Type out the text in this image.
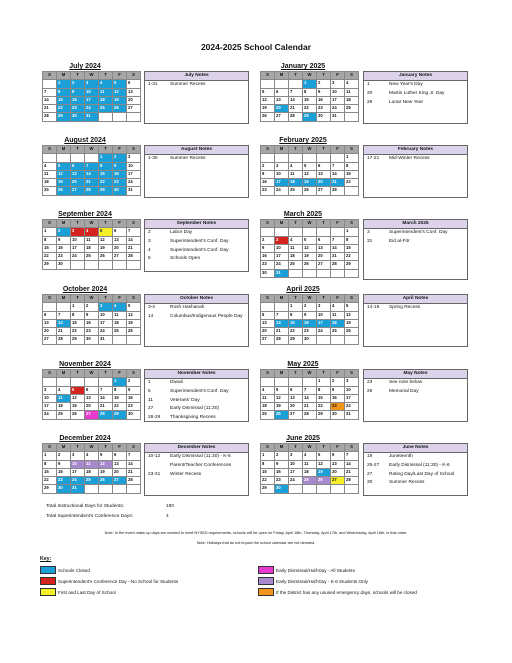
2024-2025 School Calendar
July 2024
S	M	T	W	T	F	S
	1	2	3	4	5	6
7	8	9	10	11	12	13
14	15	16	17	18	19	20
21	22	23	24	25	26	27
28	29	30	31			
July Notes
1-31	Summer Recess
January 2025
S	M	T	W	T	F	S
			1	2	3	4
5	6	7	8	9	10	11
12	13	14	15	16	17	18
19	20	21	22	23	24	25
26	27	28	29	30	31	
January Notes
1	New Year's Day
20	Martin Luther King Jr. Day
29	Lunar New Year
August 2024
S	M	T	W	T	F	S
				1	2	3
4	5	6	7	8	9	10
11	12	13	14	15	16	17
18	19	20	21	22	23	24
25	26	27	28	29	30	31
August Notes
1-30	Summer Recess
February 2025
S	M	T	W	T	F	S
						1
2	3	4	5	6	7	8
9	10	11	12	13	14	15
16	17	18	19	20	21	22
23	24	25	26	27	28	
February Notes
17-21	Mid-Winter Recess
September 2024
S	M	T	W	T	F	S
1	2	3	4	5	6	7
8	9	10	11	12	13	14
15	16	17	18	19	20	21
22	23	24	25	26	27	28
29	30					
September Notes
2	Labor Day
3	Superintendent's Conf. Day
4	Superintendent's Conf. Day
5	Schools Open
March 2025
S	M	T	W	T	F	S
						1
2	3	4	5	6	7	8
9	10	11	12	13	14	15
16	17	18	19	20	21	22
23	24	25	26	27	28	29
30	31					
March 2025
3	Superintendent's Conf. Day
31	Eid al-Fitr
October 2024
S	M	T	W	T	F	S
		1	2	3	4	5
6	7	8	9	10	11	12
13	14	15	16	17	18	19
20	21	22	23	24	25	26
27	28	29	30	31		
October Notes
3-4	Rosh Hashanah
14	Columbus/Indigenous People Day
April 2025
S	M	T	W	T	F	S
		1	2	3	4	5
6	7	8	9	10	11	12
13	14	15	16	17	18	19
20	21	22	23	24	25	26
27	28	29	30			
April Notes
14-18	Spring Recess
November 2024
S	M	T	W	T	F	S
					1	2
3	4	5	6	7	8	9
10	11	12	13	14	15	16
17	18	19	20	21	22	23
24	25	26	27	28	29	30
November Notes
1	Diwali
5	Superintendent's Conf. Day
11	Veterans' Day
27	Early Dismissal (11:30)
28-29	Thanksgiving Recess
May 2025
S	M	T	W	T	F	S
				1	2	3
4	5	6	7	8	9	10
11	12	13	14	15	16	17
18	19	20	21	22	23	24
25	26	27	28	29	30	31
May Notes
23	See note below
26	Memorial Day
December 2024
S	M	T	W	T	F	S
1	2	3	4	5	6	7
8	9	10	11	12	13	14
15	16	17	18	19	20	21
22	23	24	25	26	27	28
29	30	31				
December Notes
10-12	Early Dismissal (11:30) - K-6
Parent/Teacher Conferences
23-31	Winter Recess
June 2025
S	M	T	W	T	F	S
1	2	3	4	5	6	7
8	9	10	11	12	13	14
15	16	17	18	19	20	21
22	23	24	25	26	27	28
29	30					
June Notes
19	Juneteenth
25-27	Early Dismissal (11:30) - K-6
27	Rating Day/Last Day of School
30	Summer Recess
Total Instructional Days for Students:	180
Total Superintendent's Conference Days:	4
Note: In the event make-up days are needed to meet NYSED requirements, schools will be open on Friday, April 18th, Thursday, April 17th, and Wednesday, April 16th, in that order.
Note: Holidays that do not impact the school calendar are not denoted.
Key:
Schools Closed
Superintendent's Conference Day - No School for Students
First and Last Day of School
Early Dismissal/Half-Day - All Students
Early Dismissal/Half-Day - K-6 Students Only
If the District has any unused emergency days, schools will be closed
